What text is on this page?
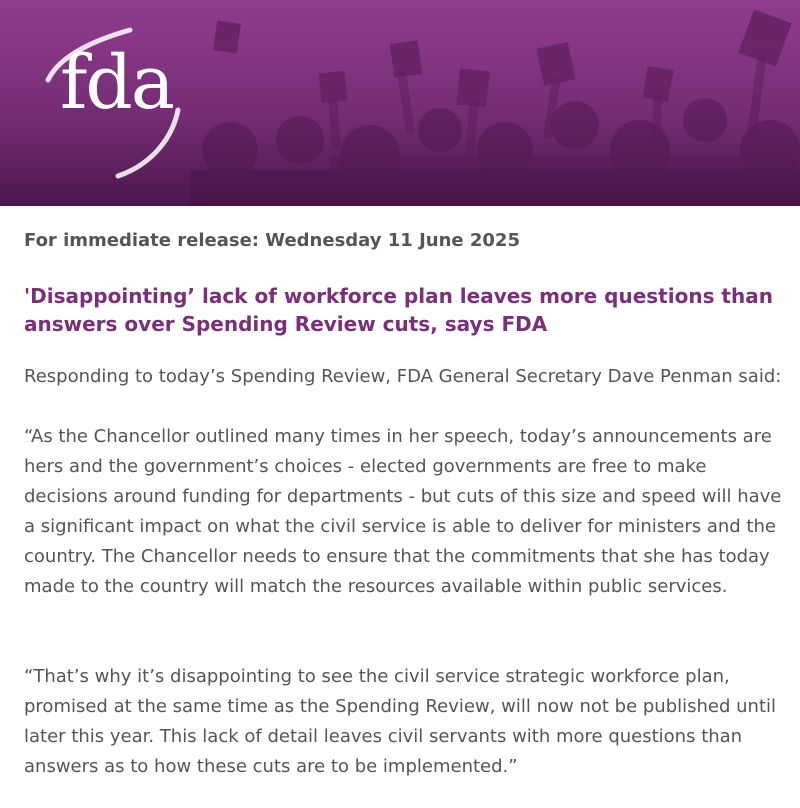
fda
For immediate release: Wednesday 11 June 2025
'Disappointing’ lack of workforce plan leaves more questions than answers over Spending Review cuts, says FDA
Responding to today’s Spending Review, FDA General Secretary Dave Penman said:
“As the Chancellor outlined many times in her speech, today’s announcements are hers and the government’s choices - elected governments are free to make decisions around funding for departments - but cuts of this size and speed will have a significant impact on what the civil service is able to deliver for ministers and the country. The Chancellor needs to ensure that the commitments that she has today made to the country will match the resources available within public services.
“That’s why it’s disappointing to see the civil service strategic workforce plan, promised at the same time as the Spending Review, will now not be published until later this year. This lack of detail leaves civil servants with more questions than answers as to how these cuts are to be implemented.”
